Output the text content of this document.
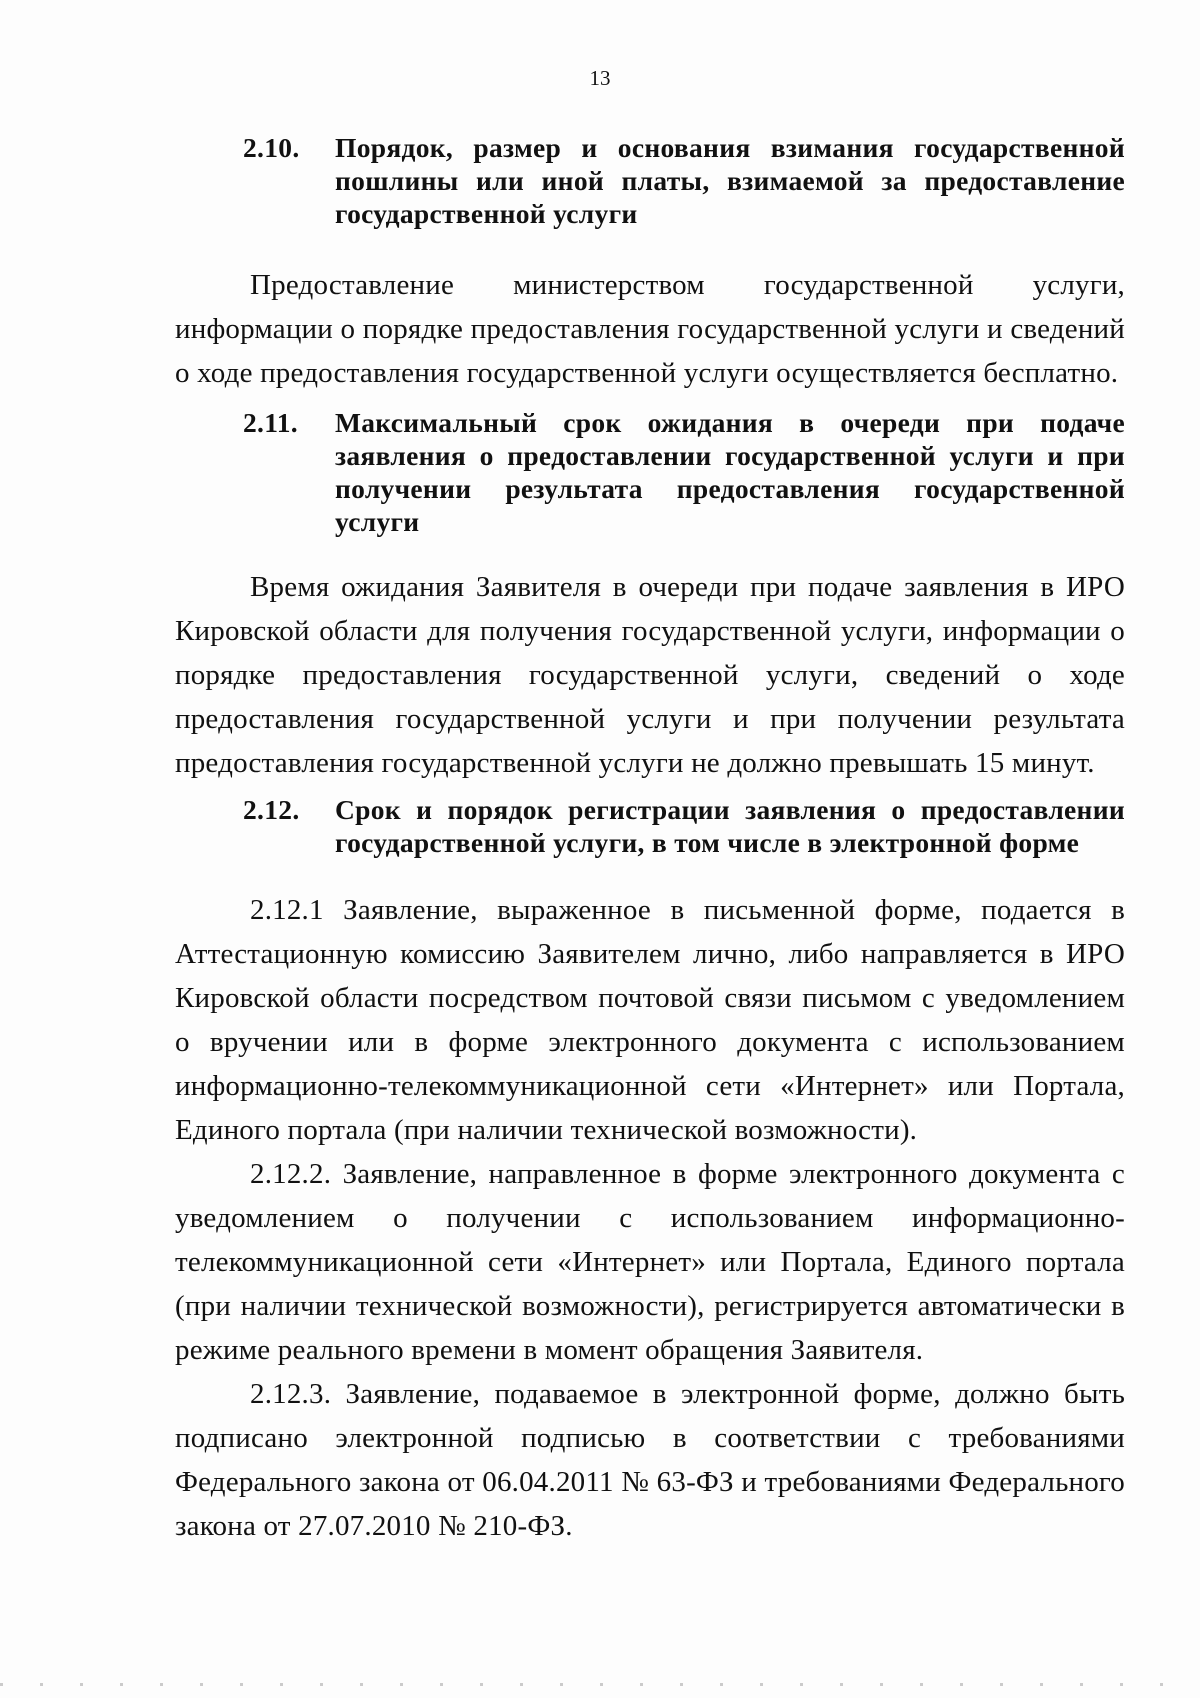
13
2.10.	Порядок, размер и основания взимания государственной пошлины или иной платы, взимаемой за предоставление государственной услуги

Предоставление министерством государственной услуги, информации о порядке предоставления государственной услуги и сведений о ходе предоставления государственной услуги осуществляется бесплатно.

2.11.	Максимальный срок ожидания в очереди при подаче заявления о предоставлении государственной услуги и при получении результата предоставления государственной услуги

Время ожидания Заявителя в очереди при подаче заявления в ИРО Кировской области для получения государственной услуги, информации о порядке предоставления государственной услуги, сведений о ходе предоставления государственной услуги и при получении результата предоставления государственной услуги не должно превышать 15 минут.

2.12.	Срок и порядок регистрации заявления о предоставлении государственной услуги, в том числе в электронной форме

2.12.1 Заявление, выраженное в письменной форме, подается в Аттестационную комиссию Заявителем лично, либо направляется в ИРО Кировской области посредством почтовой связи письмом с уведомлением о вручении или в форме электронного документа с использованием информационно-телекоммуникационной сети «Интернет» или Портала, Единого портала (при наличии технической возможности).

2.12.2. Заявление, направленное в форме электронного документа с уведомлением о получении с использованием информационно-телекоммуникационной сети «Интернет» или Портала, Единого портала (при наличии технической возможности), регистрируется автоматически в режиме реального времени в момент обращения Заявителя.

2.12.3. Заявление, подаваемое в электронной форме, должно быть подписано электронной подписью в соответствии с требованиями Федерального закона от 06.04.2011 № 63-ФЗ и требованиями Федерального закона от 27.07.2010 № 210-ФЗ.
